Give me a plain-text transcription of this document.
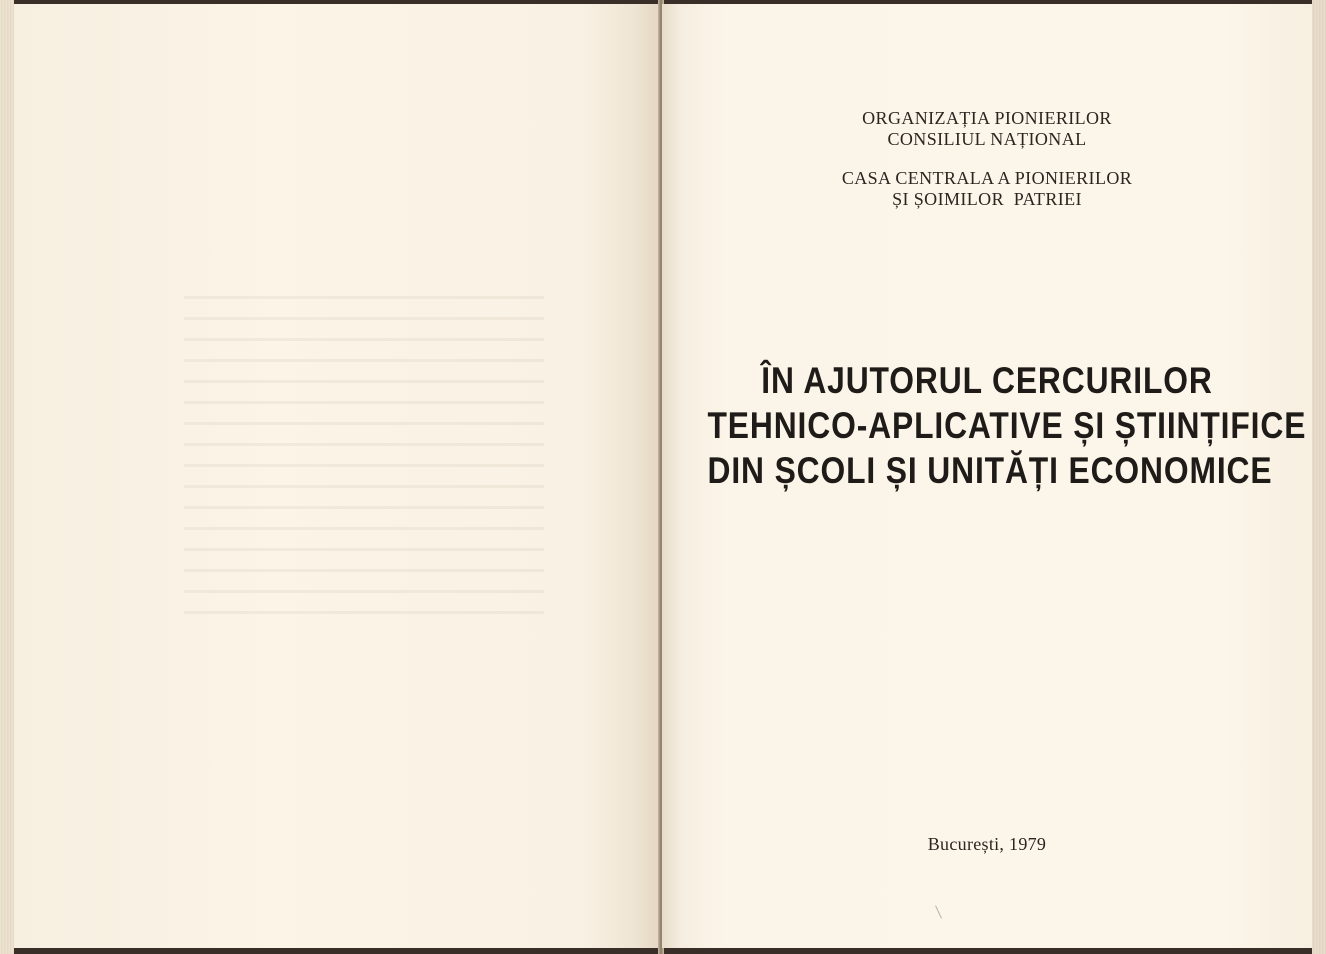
ORGANIZAȚIA PIONIERILOR
CONSILIUL NAȚIONAL
CASA CENTRALA A PIONIERILOR
ȘI ȘOIMILOR  PATRIEI
ÎN AJUTORUL CERCURILOR
TEHNICO-APLICATIVE ȘI ȘTIINȚIFICE
DIN ȘCOLI ȘI UNITĂȚI ECONOMICE
București, 1979
